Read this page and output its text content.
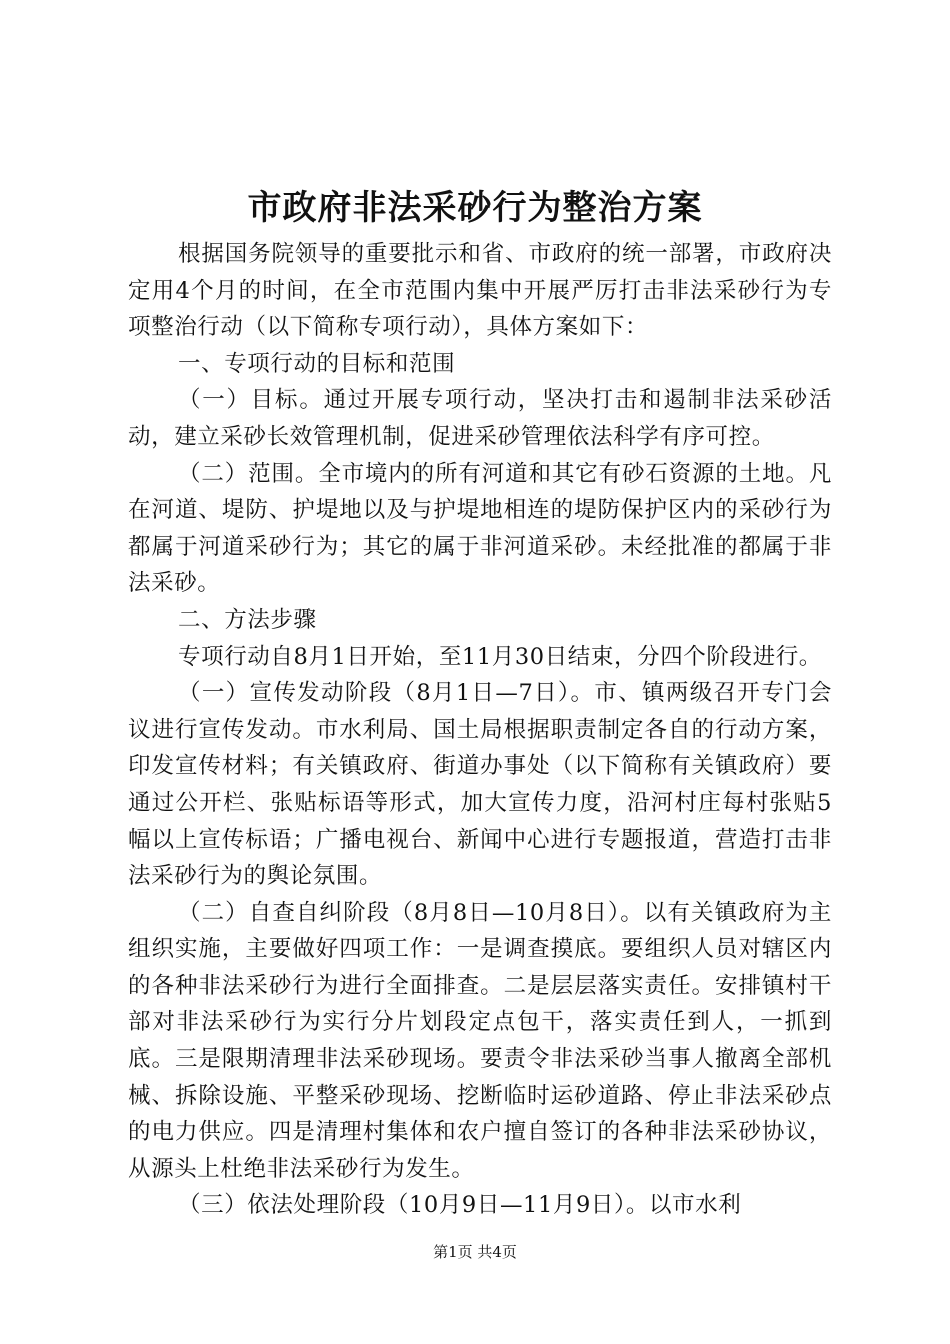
市政府非法采砂行为整治方案

根据国务院领导的重要批示和省、市政府的统一部署，市政府决定用4个月的时间，在全市范围内集中开展严厉打击非法采砂行为专项整治行动（以下简称专项行动），具体方案如下：

一、专项行动的目标和范围

（一）目标。通过开展专项行动，坚决打击和遏制非法采砂活动，建立采砂长效管理机制，促进采砂管理依法科学有序可控。

（二）范围。全市境内的所有河道和其它有砂石资源的土地。凡在河道、堤防、护堤地以及与护堤地相连的堤防保护区内的采砂行为都属于河道采砂行为；其它的属于非河道采砂。未经批准的都属于非法采砂。

二、方法步骤

专项行动自8月1日开始，至11月30日结束，分四个阶段进行。

（一）宣传发动阶段（8月1日—7日）。市、镇两级召开专门会议进行宣传发动。市水利局、国土局根据职责制定各自的行动方案，印发宣传材料；有关镇政府、街道办事处（以下简称有关镇政府）要通过公开栏、张贴标语等形式，加大宣传力度，沿河村庄每村张贴5幅以上宣传标语；广播电视台、新闻中心进行专题报道，营造打击非法采砂行为的舆论氛围。

（二）自查自纠阶段（8月8日—10月8日）。以有关镇政府为主组织实施，主要做好四项工作：一是调查摸底。要组织人员对辖区内的各种非法采砂行为进行全面排查。二是层层落实责任。安排镇村干部对非法采砂行为实行分片划段定点包干，落实责任到人，一抓到底。三是限期清理非法采砂现场。要责令非法采砂当事人撤离全部机械、拆除设施、平整采砂现场、挖断临时运砂道路、停止非法采砂点的电力供应。四是清理村集体和农户擅自签订的各种非法采砂协议，从源头上杜绝非法采砂行为发生。

（三）依法处理阶段（10月9日—11月9日）。以市水利

第1页 共4页
